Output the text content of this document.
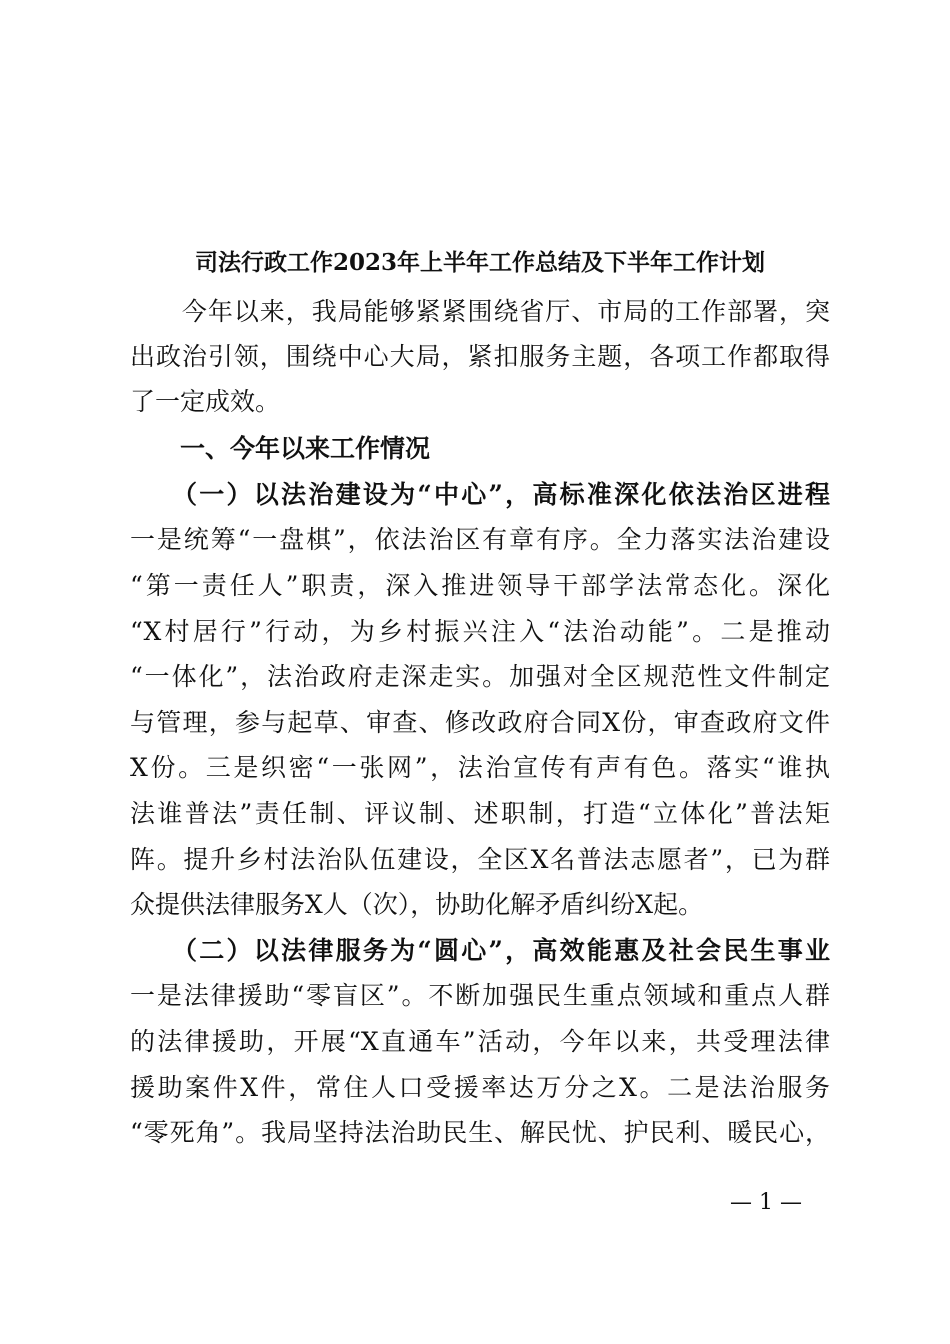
司法行政工作2023年上半年工作总结及下半年工作计划
　　今年以来，我局能够紧紧围绕省厅、市局的工作部署，突
出政治引领，围绕中心大局，紧扣服务主题，各项工作都取得
了一定成效。
　　一、今年以来工作情况
　　（一）以法治建设为“中心”，高标准深化依法治区进程
一是统筹“一盘棋”，依法治区有章有序。全力落实法治建设
“第一责任人”职责，深入推进领导干部学法常态化。深化
“X村居行”行动，为乡村振兴注入“法治动能”。二是推动
“一体化”，法治政府走深走实。加强对全区规范性文件制定
与管理，参与起草、审查、修改政府合同X份，审查政府文件
X份。三是织密“一张网”，法治宣传有声有色。落实“谁执
法谁普法”责任制、评议制、述职制，打造“立体化”普法矩
阵。提升乡村法治队伍建设，全区X名普法志愿者”，已为群
众提供法律服务X人（次），协助化解矛盾纠纷X起。
　　（二）以法律服务为“圆心”，高效能惠及社会民生事业
一是法律援助“零盲区”。不断加强民生重点领域和重点人群
的法律援助，开展“X直通车”活动，今年以来，共受理法律
援助案件X件，常住人口受援率达万分之X。二是法治服务
“零死角”。我局坚持法治助民生、解民忧、护民利、暖民心，
— 1 —
